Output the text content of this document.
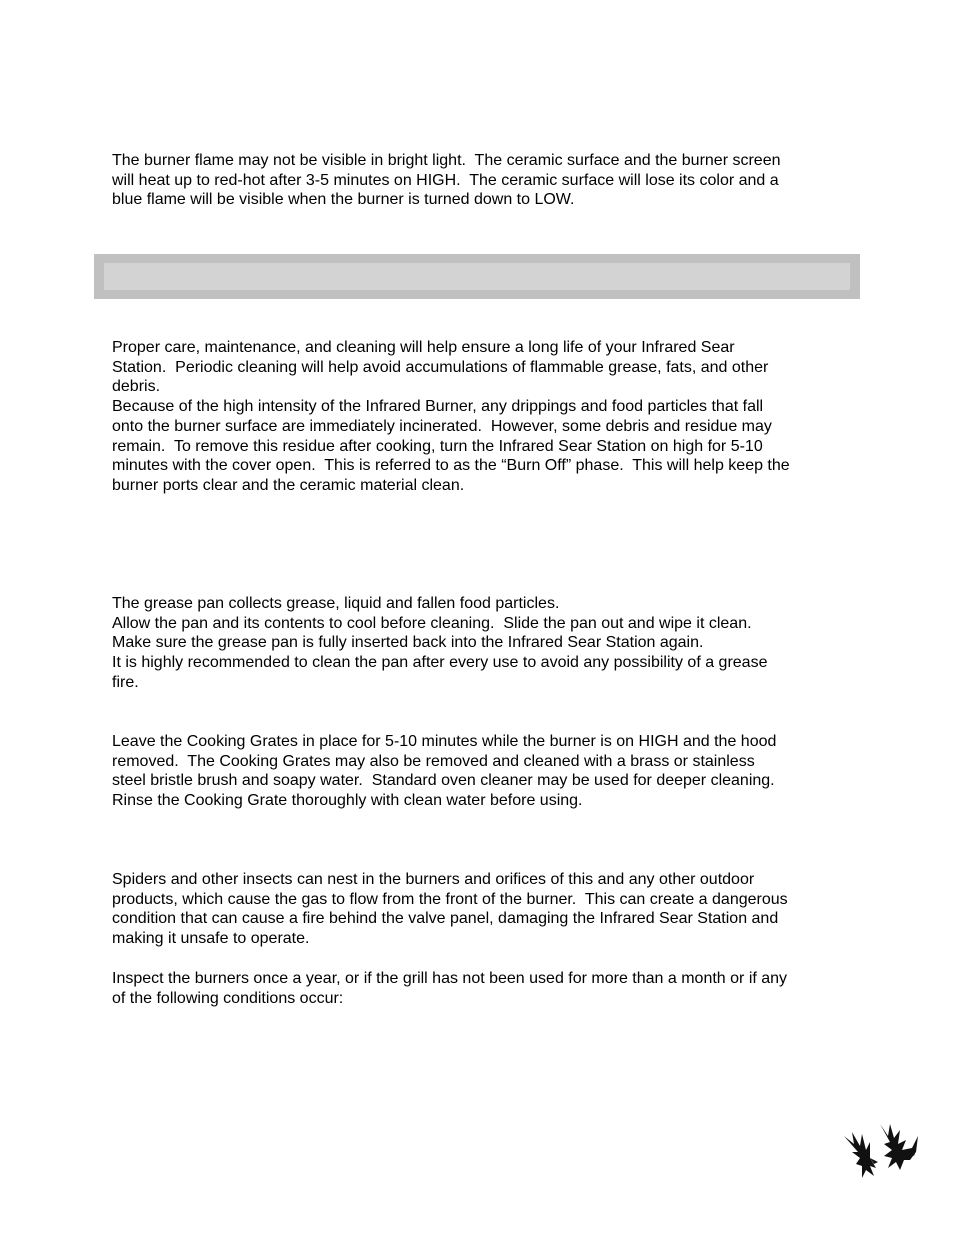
The burner flame may not be visible in bright light.  The ceramic surface and the burner screen
will heat up to red-hot after 3-5 minutes on HIGH.  The ceramic surface will lose its color and a
blue flame will be visible when the burner is turned down to LOW.

Proper care, maintenance, and cleaning will help ensure a long life of your Infrared Sear
Station.  Periodic cleaning will help avoid accumulations of flammable grease, fats, and other
debris.
Because of the high intensity of the Infrared Burner, any drippings and food particles that fall
onto the burner surface are immediately incinerated.  However, some debris and residue may
remain.  To remove this residue after cooking, turn the Infrared Sear Station on high for 5-10
minutes with the cover open.  This is referred to as the “Burn Off” phase.  This will help keep the
burner ports clear and the ceramic material clean.

The grease pan collects grease, liquid and fallen food particles.
Allow the pan and its contents to cool before cleaning.  Slide the pan out and wipe it clean.
Make sure the grease pan is fully inserted back into the Infrared Sear Station again.
It is highly recommended to clean the pan after every use to avoid any possibility of a grease
fire.

Leave the Cooking Grates in place for 5-10 minutes while the burner is on HIGH and the hood
removed.  The Cooking Grates may also be removed and cleaned with a brass or stainless
steel bristle brush and soapy water.  Standard oven cleaner may be used for deeper cleaning.
Rinse the Cooking Grate thoroughly with clean water before using.

Spiders and other insects can nest in the burners and orifices of this and any other outdoor
products, which cause the gas to flow from the front of the burner.  This can create a dangerous
condition that can cause a fire behind the valve panel, damaging the Infrared Sear Station and
making it unsafe to operate.

Inspect the burners once a year, or if the grill has not been used for more than a month or if any
of the following conditions occur:
